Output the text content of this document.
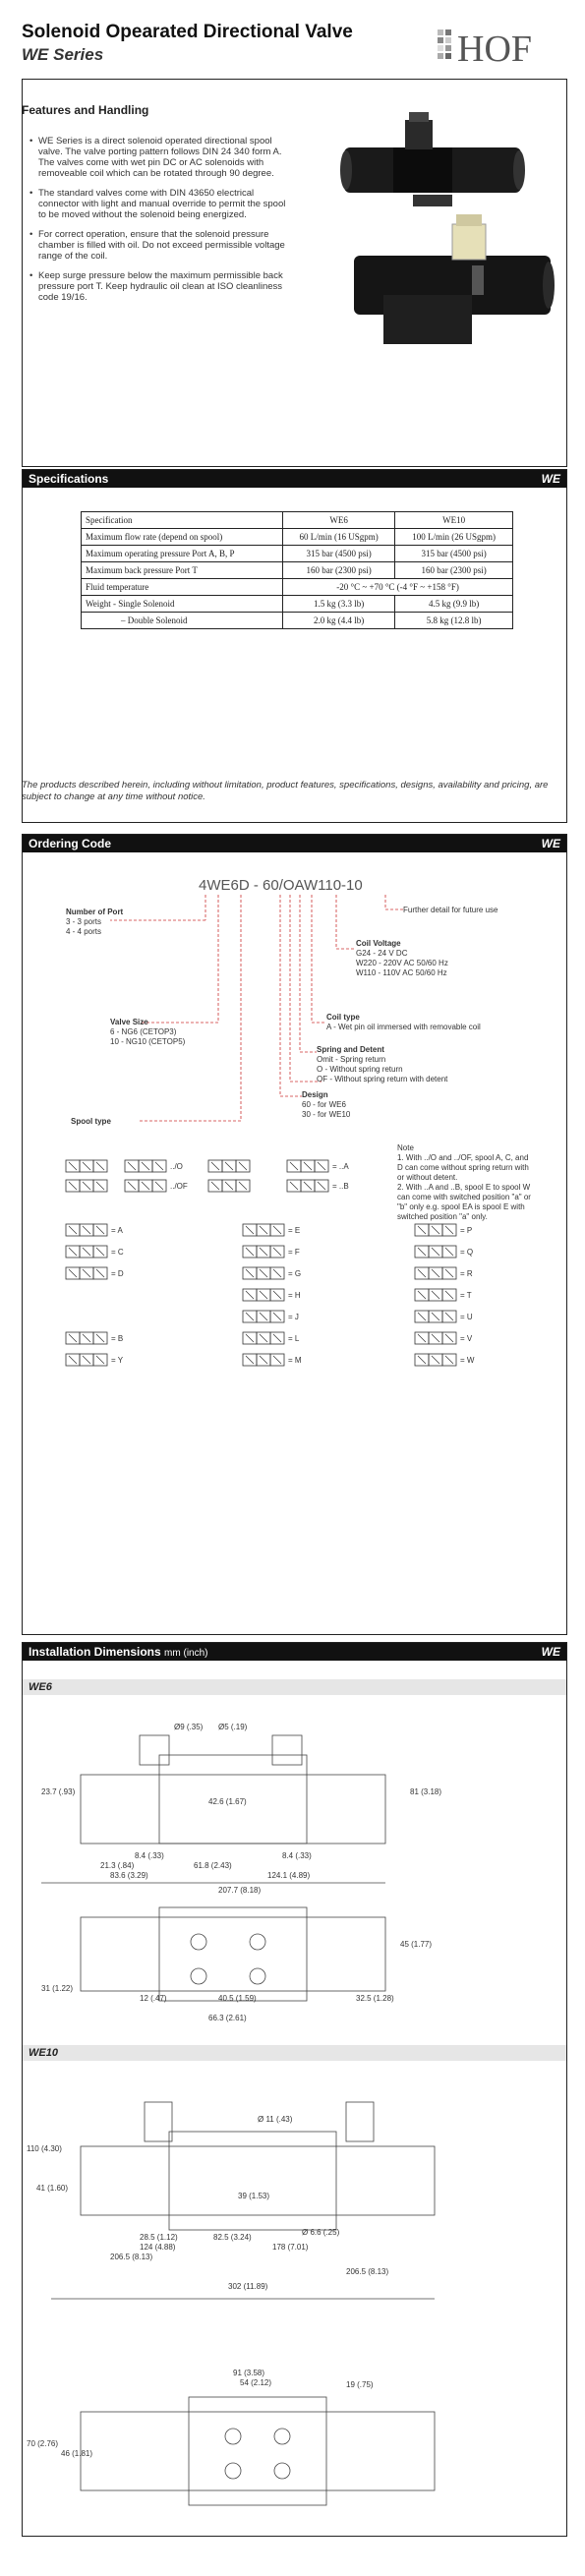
Solenoid Opearated Directional Valve
WE Series	HOF
Features and Handling
• WE Series is a direct solenoid operated directional spool valve. The valve porting pattern follows DIN 24 340 form A. The valves come with wet pin DC or AC solenoids with removeable coil which can be rotated through 90 degree.
• The standard valves come with DIN 43650 electrical connector with light and manual override to permit the spool to be moved without the solenoid being energized.
• For correct operation, ensure that the solenoid pressure chamber is filled with oil. Do not exceed permissible voltage range of the coil.
• Keep surge pressure below the maximum permissible back pressure port T. Keep hydraulic oil clean at ISO cleanliness code 19/16.
Specifications	WE
Specification	WE6	WE10
Maximum flow rate (depend on spool)	60 L/min (16 USgpm)	100 L/min (26 USgpm)
Maximum operating pressure Port A, B, P	315 bar (4500 psi)	315 bar (4500 psi)
Maximum back pressure Port T	160 bar (2300 psi)	160 bar (2300 psi)
Fluid temperature	-20 °C ~ +70 °C (-4 °F ~ +158 °F)	
Weight - Single Solenoid	1.5 kg (3.3 lb)	4.5 kg (9.9 lb)
– Double Solenoid	2.0 kg (4.4 lb)	5.8 kg (12.8 lb)
The products described herein, including without limitation, product features, specifications, designs, availability and pricing, are subject to change at any time without notice.
Ordering Code	WE
4WE6D - 60/OAW110-10
Further detail for future use
Number of Port
3 - 3 ports
4 - 4 ports
Coil Voltage
G24 - 24 V DC
W220 - 220V AC 50/60 Hz
W110 - 110V AC 50/60 Hz
Valve Size
6 - NG6 (CETOP3)
10 - NG10 (CETOP5)
Coil type
A - Wet pin oil immersed with removable coil
Spring and Detent
Omit - Spring return
O - Without spring return
OF - Without spring return with detent
Design
60 - for WE6
30 - for WE10
Spool type
Note 1. With ../O and ../OF, spool A, C, and D can come without spring return with or without detent. 2. With ..A and ..B, spool E to spool W can come with switched position "a" or "b" only e.g. spool EA is spool E with switched position "a" only.
= A
= C
= D
= B
= Y
= E
= F
= G
= H
= J
= L
= M
= P
= Q
= R
= T
= U
= V
= W
../O
../OF
= ..A
= ..B
Installation Dimensions mm (inch)	WE
WE6
WE10
Ø9 (.35) Ø5 (.19)
23.7 (.93)
42.6 (1.67)
81 (3.18)
8.4 (.33)	8.4 (.33)
21.3 (.84)	61.8 (2.43)
83.6 (3.29)	124.1 (4.89)
207.7 (8.18)
45 (1.77)
31 (1.22)
12 (.47)	40.5 (1.59)	32.5 (1.28)
66.3 (2.61)
Ø 11 (.43)
110 (4.30)
41 (1.60)
39 (1.53)
Ø 6.6 (.25)
28.5 (1.12)	82.5 (3.24)
124 (4.88)	178 (7.01)
206.5 (8.13)
206.5 (8.13)
302 (11.89)
91 (3.58)
54 (2.12)	19 (.75)
70 (2.76)
46 (1.81)
